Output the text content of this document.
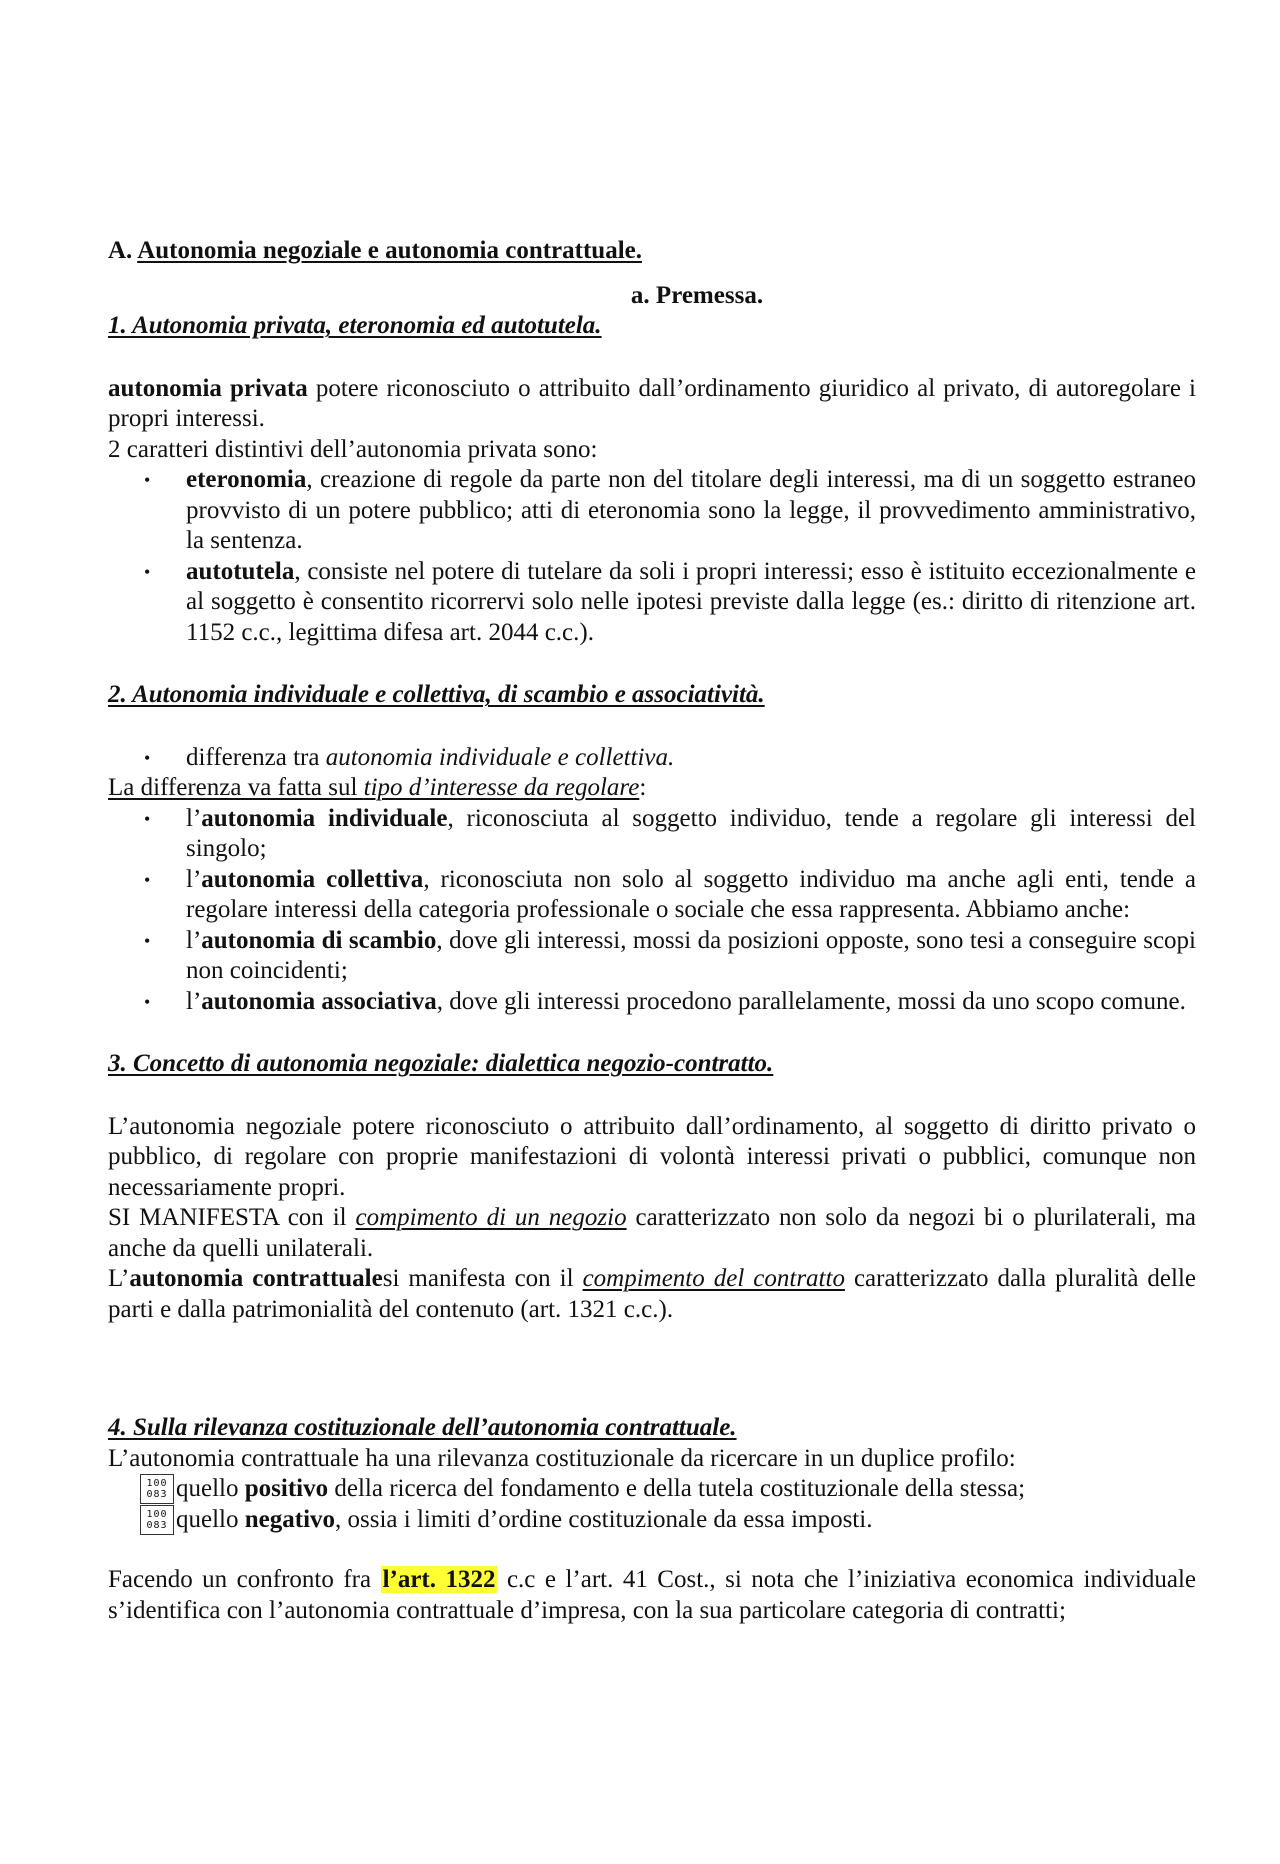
A. Autonomia negoziale e autonomia contrattuale.

a. Premessa.

1. Autonomia privata, eteronomia ed autotutela.

autonomia privata potere riconosciuto o attribuito dall’ordinamento giuridico al privato, di autoregolare i propri interessi.

2 caratteri distintivi dell’autonomia privata sono:

• eteronomia, creazione di regole da parte non del titolare degli interessi, ma di un soggetto estraneo provvisto di un potere pubblico; atti di eteronomia sono la legge, il provvedimento amministrativo, la sentenza.
• autotutela, consiste nel potere di tutelare da soli i propri interessi; esso è istituito eccezionalmente e al soggetto è consentito ricorrervi solo nelle ipotesi previste dalla legge (es.: diritto di ritenzione art. 1152 c.c., legittima difesa art. 2044 c.c.).

2. Autonomia individuale e collettiva, di scambio e associatività.

• differenza tra autonomia individuale e collettiva.

La differenza va fatta sul tipo d’interesse da regolare:

• l’autonomia individuale, riconosciuta al soggetto individuo, tende a regolare gli interessi del singolo;
• l’autonomia collettiva, riconosciuta non solo al soggetto individuo ma anche agli enti, tende a regolare interessi della categoria professionale o sociale che essa rappresenta. Abbiamo anche:
• l’autonomia di scambio, dove gli interessi, mossi da posizioni opposte, sono tesi a conseguire scopi non coincidenti;
• l’autonomia associativa, dove gli interessi procedono parallelamente, mossi da uno scopo comune.

3. Concetto di autonomia negoziale: dialettica negozio-contratto.

L’autonomia negoziale potere riconosciuto o attribuito dall’ordinamento, al soggetto di diritto privato o pubblico, di regolare con proprie manifestazioni di volontà interessi privati o pubblici, comunque non necessariamente propri.

SI MANIFESTA con il compimento di un negozio caratterizzato non solo da negozi bi o plurilaterali, ma anche da quelli unilaterali.

L’autonomia contrattualesi manifesta con il compimento del contratto caratterizzato dalla pluralità delle parti e dalla patrimonialità del contenuto (art. 1321 c.c.).

4. Sulla rilevanza costituzionale dell’autonomia contrattuale.

L’autonomia contrattuale ha una rilevanza costituzionale da ricercare in un duplice profilo:

100
083 quello positivo della ricerca del fondamento e della tutela costituzionale della stessa;
100
083 quello negativo, ossia i limiti d’ordine costituzionale da essa imposti.

Facendo un confronto fra l’art. 1322 c.c e l’art. 41 Cost., si nota che l’iniziativa economica individuale s’identifica con l’autonomia contrattuale d’impresa, con la sua particolare categoria di contratti;
